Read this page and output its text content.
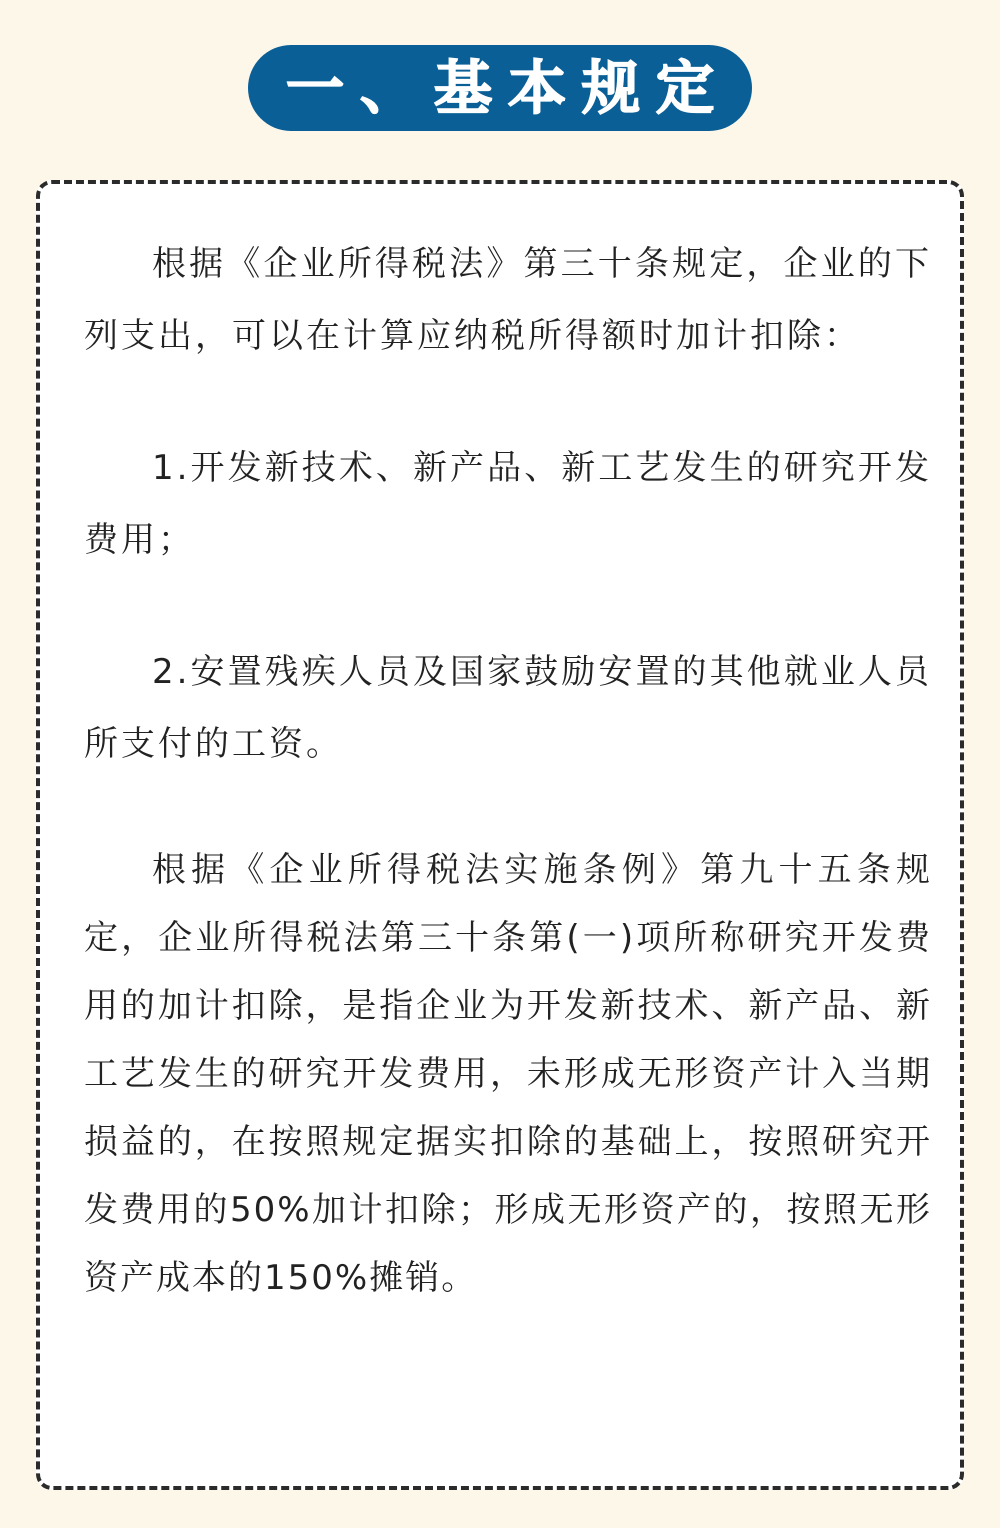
一、基本规定

根据《企业所得税法》第三十条规定，企业的下列支出，可以在计算应纳税所得额时加计扣除：

1.开发新技术、新产品、新工艺发生的研究开发费用；

2.安置残疾人员及国家鼓励安置的其他就业人员所支付的工资。

根据《企业所得税法实施条例》第九十五条规定，企业所得税法第三十条第(一)项所称研究开发费用的加计扣除，是指企业为开发新技术、新产品、新工艺发生的研究开发费用，未形成无形资产计入当期损益的，在按照规定据实扣除的基础上，按照研究开发费用的50%加计扣除；形成无形资产的，按照无形资产成本的150%摊销。
